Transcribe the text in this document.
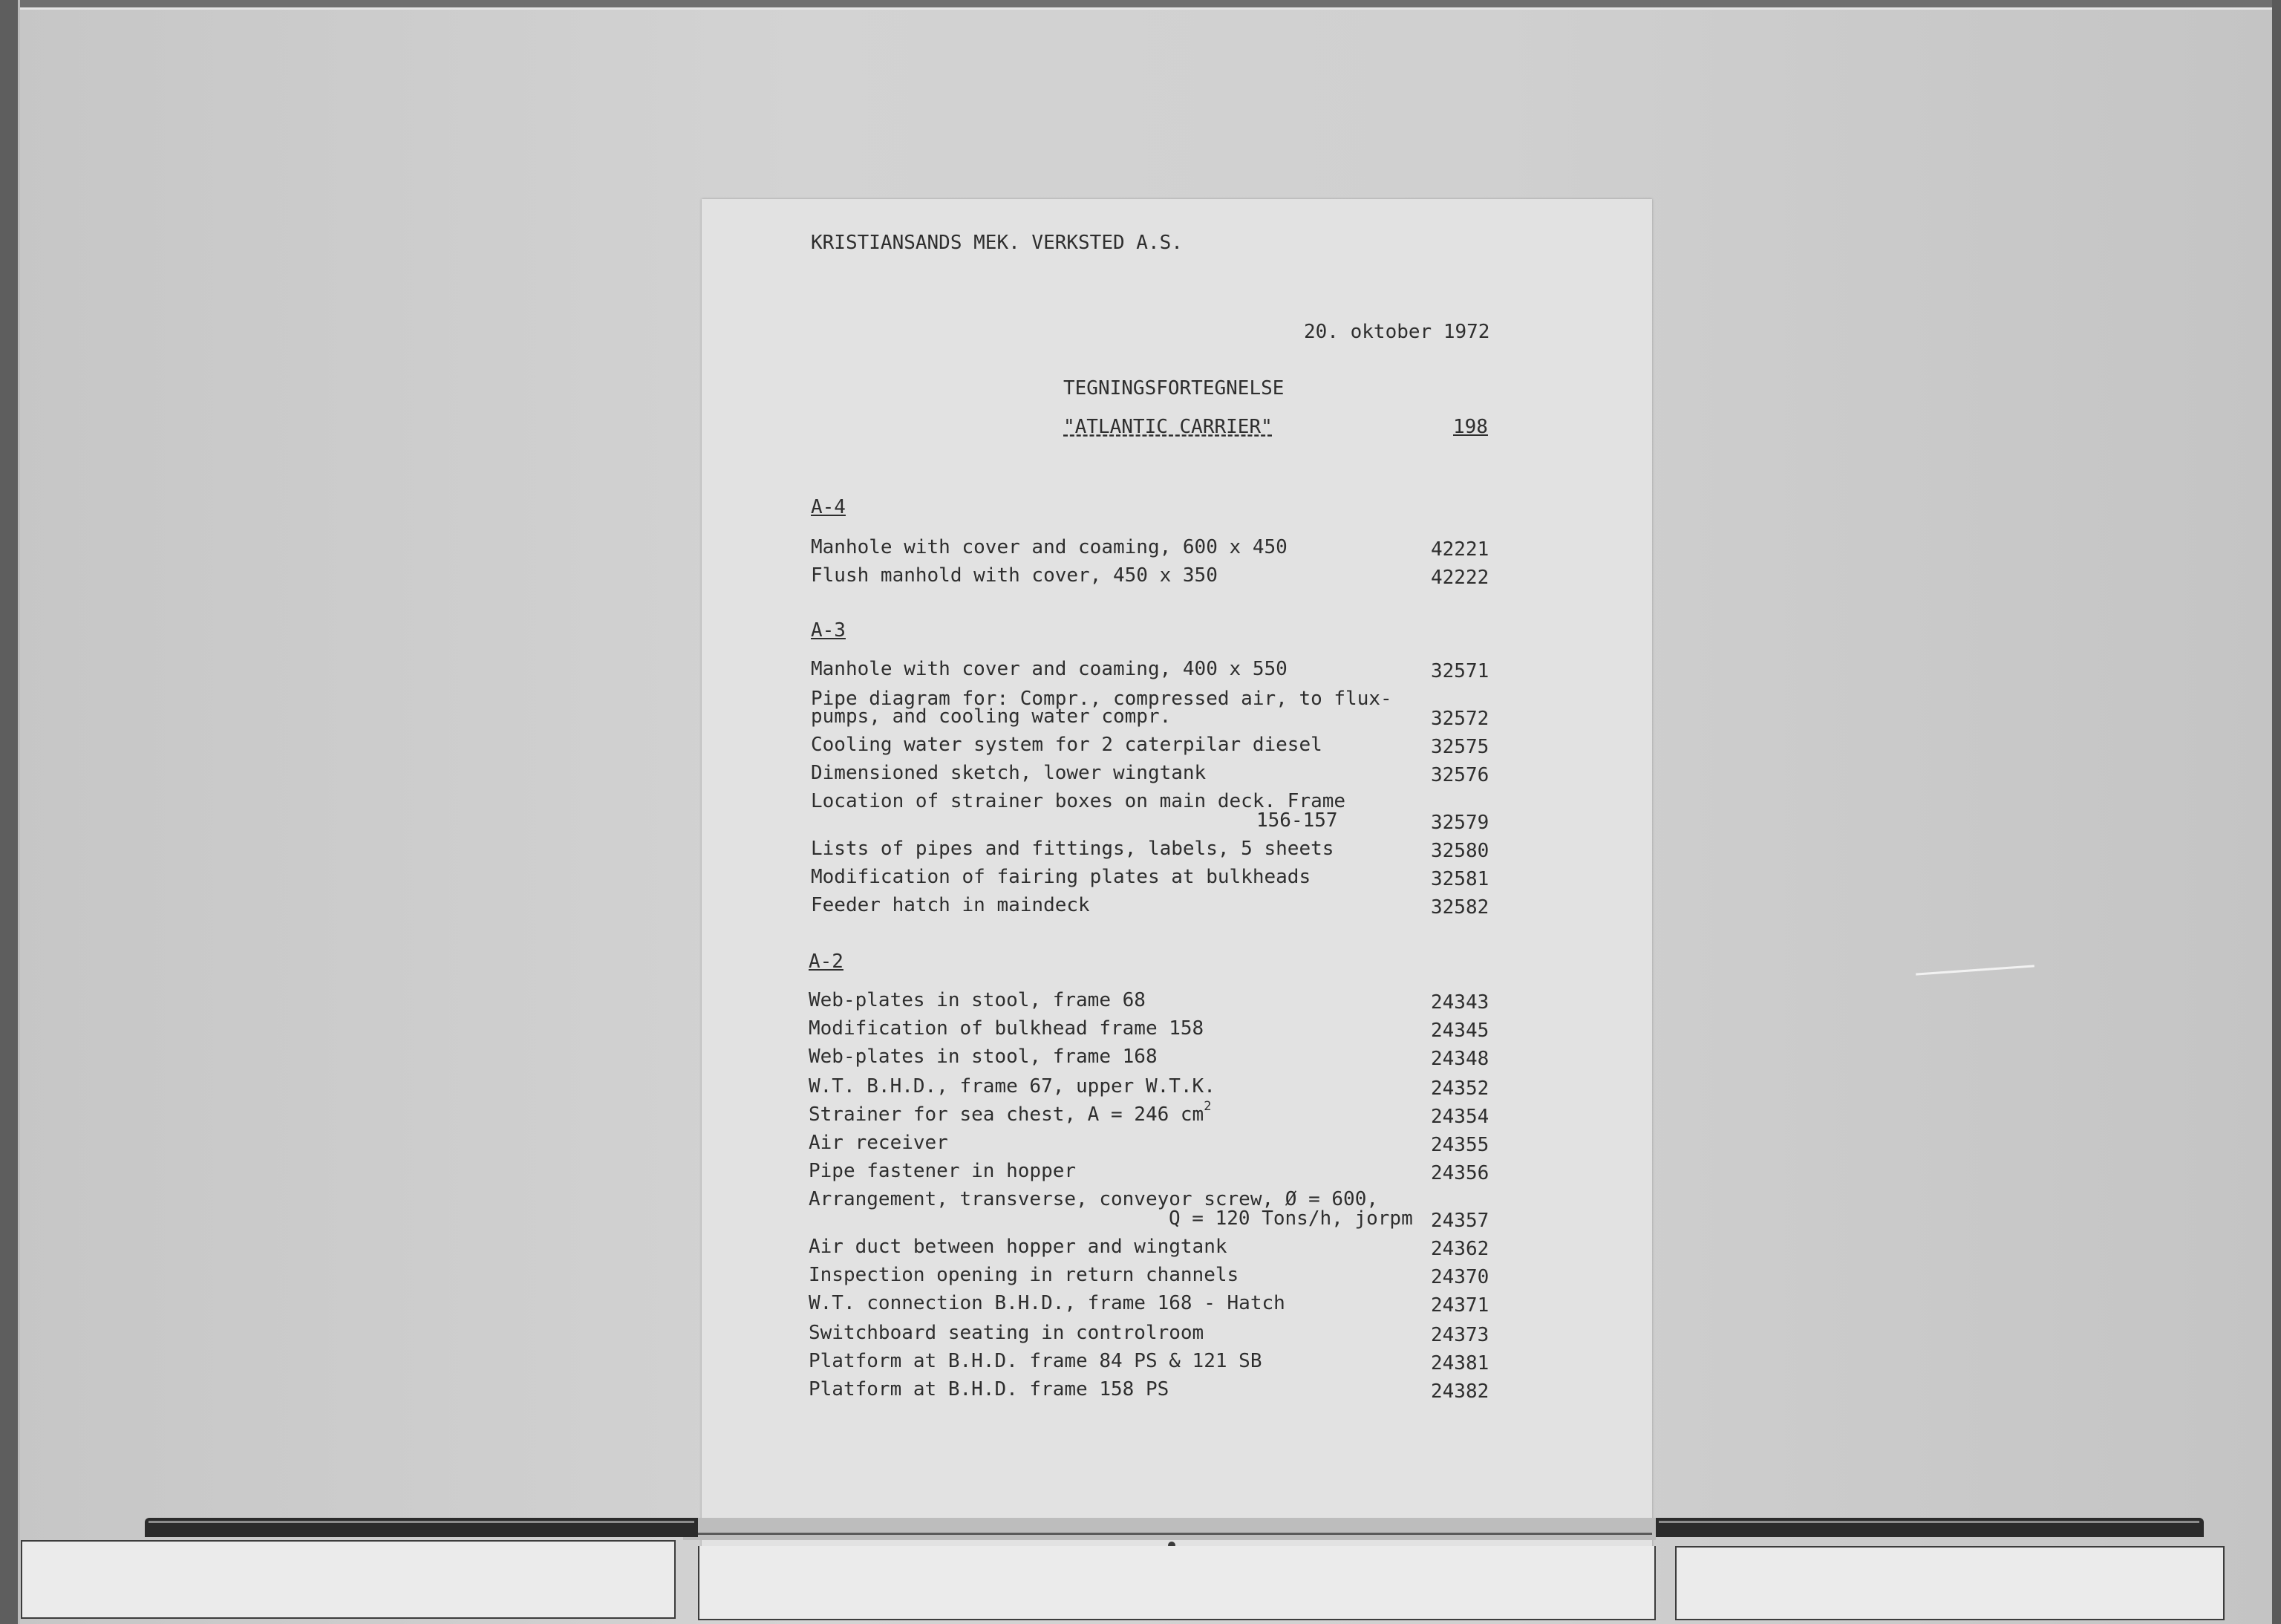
KRISTIANSANDS MEK. VERKSTED A.S.
20. oktober 1972
TEGNINGSFORTEGNELSE
"ATLANTIC CARRIER"	198
A-4
Manhole with cover and coaming, 600 x 450	42221
Flush manhold with cover, 450 x 350	42222
A-3
Manhole with cover and coaming, 400 x 550	32571
Pipe diagram for: Compr., compressed air, to flux-
pumps, and cooling water compr.	32572
Cooling water system for 2 caterpilar diesel	32575
Dimensioned sketch, lower wingtank	32576
Location of strainer boxes on main deck. Frame
156-157	32579
Lists of pipes and fittings, labels, 5 sheets	32580
Modification of fairing plates at bulkheads	32581
Feeder hatch in maindeck	32582
A-2
Web-plates in stool, frame 68	24343
Modification of bulkhead frame 158	24345
Web-plates in stool, frame 168	24348
W.T. B.H.D., frame 67, upper W.T.K.	24352
Strainer for sea chest, A = 246 $cm^2$	24354
Air receiver	24355
Pipe fastener in hopper	24356
Arrangement, transverse, conveyor screw, Ø = 600,
Q = 120 Tons/h, jorpm 24357
Air duct between hopper and wingtank	24362
Inspection opening in return channels	24370
W.T. connection B.H.D., frame 168 - Hatch	24371
Switchboard seating in controlroom	24373
Platform at B.H.D. frame 84 PS & 121 SB	24381
Platform at B.H.D. frame 158 PS	24382
